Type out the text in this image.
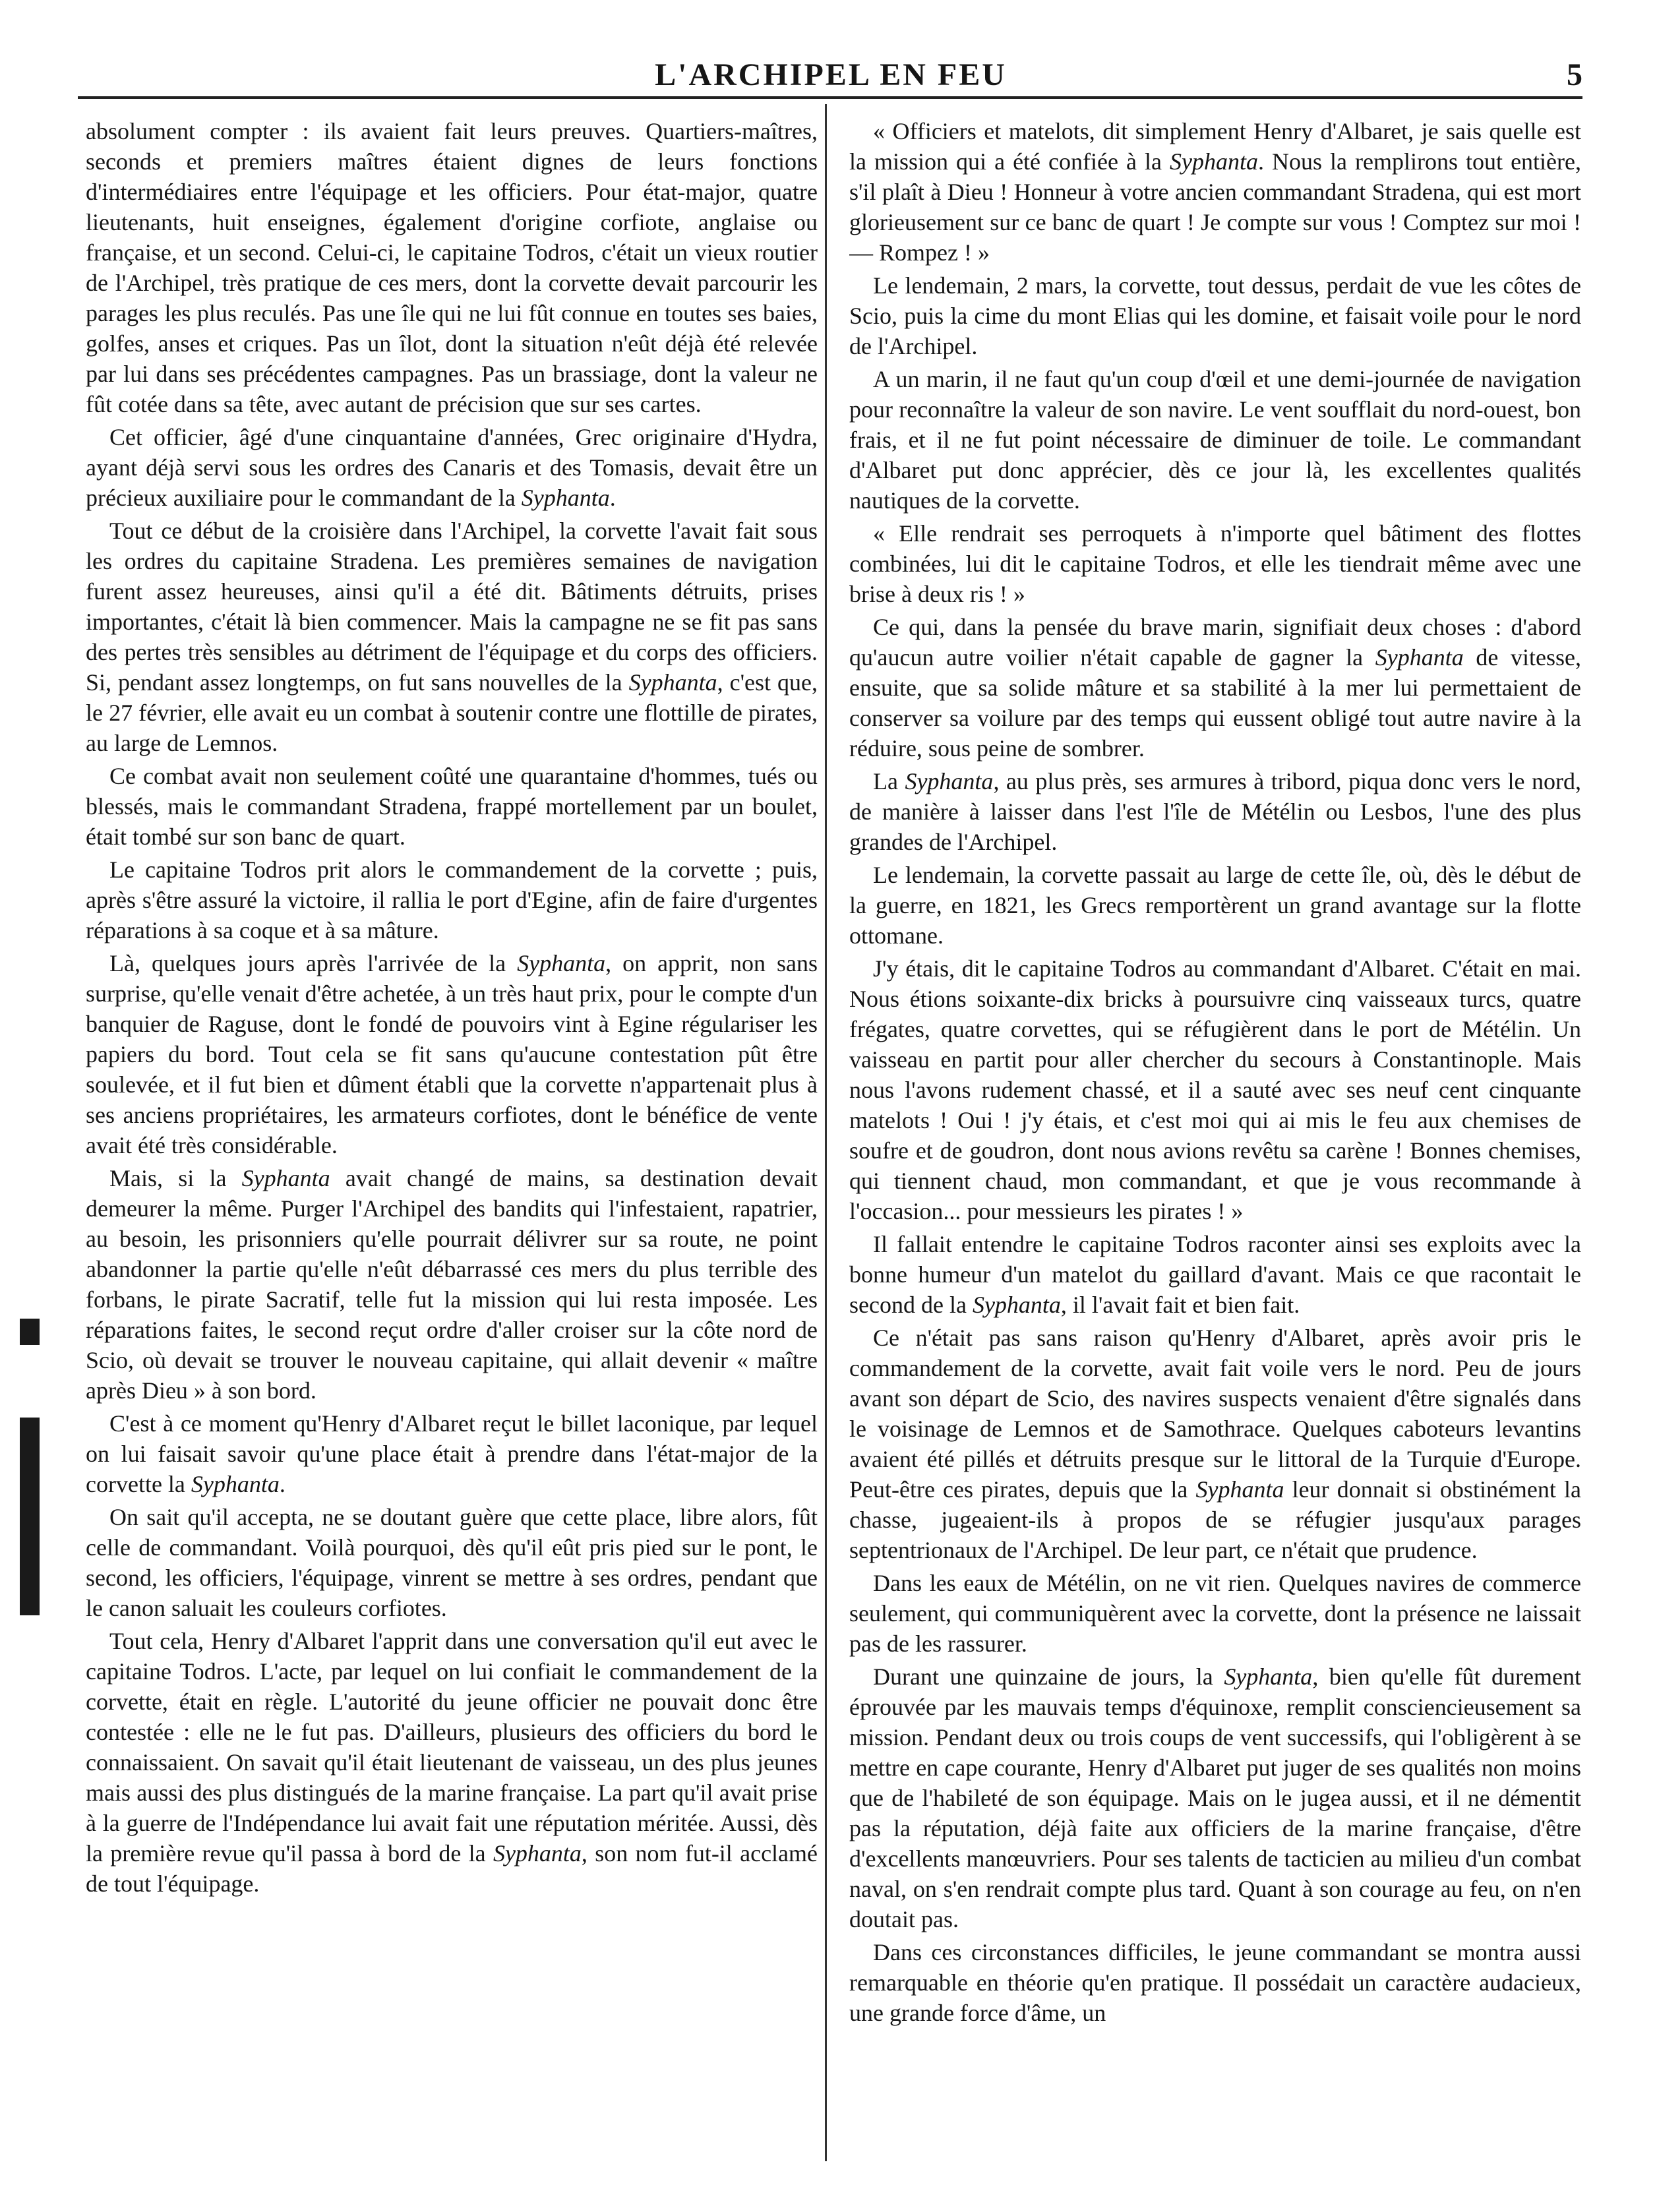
L'ARCHIPEL EN FEU	5

absolument compter : ils avaient fait leurs preuves. Quartiers-maîtres, seconds et premiers maîtres étaient dignes de leurs fonctions d'intermédiaires entre l'équipage et les officiers. Pour état-major, quatre lieutenants, huit enseignes, également d'origine corfiote, anglaise ou française, et un second. Celui-ci, le capitaine Todros, c'était un vieux routier de l'Archipel, très pratique de ces mers, dont la corvette devait parcourir les parages les plus reculés. Pas une île qui ne lui fût connue en toutes ses baies, golfes, anses et criques. Pas un îlot, dont la situation n'eût déjà été relevée par lui dans ses précédentes campagnes. Pas un brassiage, dont la valeur ne fût cotée dans sa tête, avec autant de précision que sur ses cartes.

Cet officier, âgé d'une cinquantaine d'années, Grec originaire d'Hydra, ayant déjà servi sous les ordres des Canaris et des Tomasis, devait être un précieux auxiliaire pour le commandant de la Syphanta.

Tout ce début de la croisière dans l'Archipel, la corvette l'avait fait sous les ordres du capitaine Stradena. Les premières semaines de navigation furent assez heureuses, ainsi qu'il a été dit. Bâtiments détruits, prises importantes, c'était là bien commencer. Mais la campagne ne se fit pas sans des pertes très sensibles au détriment de l'équipage et du corps des officiers. Si, pendant assez longtemps, on fut sans nouvelles de la Syphanta, c'est que, le 27 février, elle avait eu un combat à soutenir contre une flottille de pirates, au large de Lemnos.

Ce combat avait non seulement coûté une quarantaine d'hommes, tués ou blessés, mais le commandant Stradena, frappé mortellement par un boulet, était tombé sur son banc de quart.

Le capitaine Todros prit alors le commandement de la corvette ; puis, après s'être assuré la victoire, il rallia le port d'Egine, afin de faire d'urgentes réparations à sa coque et à sa mâture.

Là, quelques jours après l'arrivée de la Syphanta, on apprit, non sans surprise, qu'elle venait d'être achetée, à un très haut prix, pour le compte d'un banquier de Raguse, dont le fondé de pouvoirs vint à Egine régulariser les papiers du bord. Tout cela se fit sans qu'aucune contestation pût être soulevée, et il fut bien et dûment établi que la corvette n'appartenait plus à ses anciens propriétaires, les armateurs corfiotes, dont le bénéfice de vente avait été très considérable.

Mais, si la Syphanta avait changé de mains, sa destination devait demeurer la même. Purger l'Archipel des bandits qui l'infestaient, rapatrier, au besoin, les prisonniers qu'elle pourrait délivrer sur sa route, ne point abandonner la partie qu'elle n'eût débarrassé ces mers du plus terrible des forbans, le pirate Sacratif, telle fut la mission qui lui resta imposée. Les réparations faites, le second reçut ordre d'aller croiser sur la côte nord de Scio, où devait se trouver le nouveau capitaine, qui allait devenir « maître après Dieu » à son bord.

C'est à ce moment qu'Henry d'Albaret reçut le billet laconique, par lequel on lui faisait savoir qu'une place était à prendre dans l'état-major de la corvette la Syphanta.

On sait qu'il accepta, ne se doutant guère que cette place, libre alors, fût celle de commandant. Voilà pourquoi, dès qu'il eût pris pied sur le pont, le second, les officiers, l'équipage, vinrent se mettre à ses ordres, pendant que le canon saluait les couleurs corfiotes.

Tout cela, Henry d'Albaret l'apprit dans une conversation qu'il eut avec le capitaine Todros. L'acte, par lequel on lui confiait le commandement de la corvette, était en règle. L'autorité du jeune officier ne pouvait donc être contestée : elle ne le fut pas. D'ailleurs, plusieurs des officiers du bord le connaissaient. On savait qu'il était lieutenant de vaisseau, un des plus jeunes mais aussi des plus distingués de la marine française. La part qu'il avait prise à la guerre de l'Indépendance lui avait fait une réputation méritée. Aussi, dès la première revue qu'il passa à bord de la Syphanta, son nom fut-il acclamé de tout l'équipage.

« Officiers et matelots, dit simplement Henry d'Albaret, je sais quelle est la mission qui a été confiée à la Syphanta. Nous la remplirons tout entière, s'il plaît à Dieu ! Honneur à votre ancien commandant Stradena, qui est mort glorieusement sur ce banc de quart ! Je compte sur vous ! Comptez sur moi ! — Rompez ! »

Le lendemain, 2 mars, la corvette, tout dessus, perdait de vue les côtes de Scio, puis la cime du mont Elias qui les domine, et faisait voile pour le nord de l'Archipel.

A un marin, il ne faut qu'un coup d'œil et une demi-journée de navigation pour reconnaître la valeur de son navire. Le vent soufflait du nord-ouest, bon frais, et il ne fut point nécessaire de diminuer de toile. Le commandant d'Albaret put donc apprécier, dès ce jour là, les excellentes qualités nautiques de la corvette.

« Elle rendrait ses perroquets à n'importe quel bâtiment des flottes combinées, lui dit le capitaine Todros, et elle les tiendrait même avec une brise à deux ris ! »

Ce qui, dans la pensée du brave marin, signifiait deux choses : d'abord qu'aucun autre voilier n'était capable de gagner la Syphanta de vitesse, ensuite, que sa solide mâture et sa stabilité à la mer lui permettaient de conserver sa voilure par des temps qui eussent obligé tout autre navire à la réduire, sous peine de sombrer.

La Syphanta, au plus près, ses armures à tribord, piqua donc vers le nord, de manière à laisser dans l'est l'île de Métélin ou Lesbos, l'une des plus grandes de l'Archipel.

Le lendemain, la corvette passait au large de cette île, où, dès le début de la guerre, en 1821, les Grecs remportèrent un grand avantage sur la flotte ottomane.

J'y étais, dit le capitaine Todros au commandant d'Albaret. C'était en mai. Nous étions soixante-dix bricks à poursuivre cinq vaisseaux turcs, quatre frégates, quatre corvettes, qui se réfugièrent dans le port de Métélin. Un vaisseau en partit pour aller chercher du secours à Constantinople. Mais nous l'avons rudement chassé, et il a sauté avec ses neuf cent cinquante matelots ! Oui ! j'y étais, et c'est moi qui ai mis le feu aux chemises de soufre et de goudron, dont nous avions revêtu sa carène ! Bonnes chemises, qui tiennent chaud, mon commandant, et que je vous recommande à l'occasion... pour messieurs les pirates ! »

Il fallait entendre le capitaine Todros raconter ainsi ses exploits avec la bonne humeur d'un matelot du gaillard d'avant. Mais ce que racontait le second de la Syphanta, il l'avait fait et bien fait.

Ce n'était pas sans raison qu'Henry d'Albaret, après avoir pris le commandement de la corvette, avait fait voile vers le nord. Peu de jours avant son départ de Scio, des navires suspects venaient d'être signalés dans le voisinage de Lemnos et de Samothrace. Quelques caboteurs levantins avaient été pillés et détruits presque sur le littoral de la Turquie d'Europe. Peut-être ces pirates, depuis que la Syphanta leur donnait si obstinément la chasse, jugeaient-ils à propos de se réfugier jusqu'aux parages septentrionaux de l'Archipel. De leur part, ce n'était que prudence.

Dans les eaux de Métélin, on ne vit rien. Quelques navires de commerce seulement, qui communiquèrent avec la corvette, dont la présence ne laissait pas de les rassurer.

Durant une quinzaine de jours, la Syphanta, bien qu'elle fût durement éprouvée par les mauvais temps d'équinoxe, remplit consciencieusement sa mission. Pendant deux ou trois coups de vent successifs, qui l'obligèrent à se mettre en cape courante, Henry d'Albaret put juger de ses qualités non moins que de l'habileté de son équipage. Mais on le jugea aussi, et il ne démentit pas la réputation, déjà faite aux officiers de la marine française, d'être d'excellents manœuvriers. Pour ses talents de tacticien au milieu d'un combat naval, on s'en rendrait compte plus tard. Quant à son courage au feu, on n'en doutait pas.

Dans ces circonstances difficiles, le jeune commandant se montra aussi remarquable en théorie qu'en pratique. Il possédait un caractère audacieux, une grande force d'âme, un
